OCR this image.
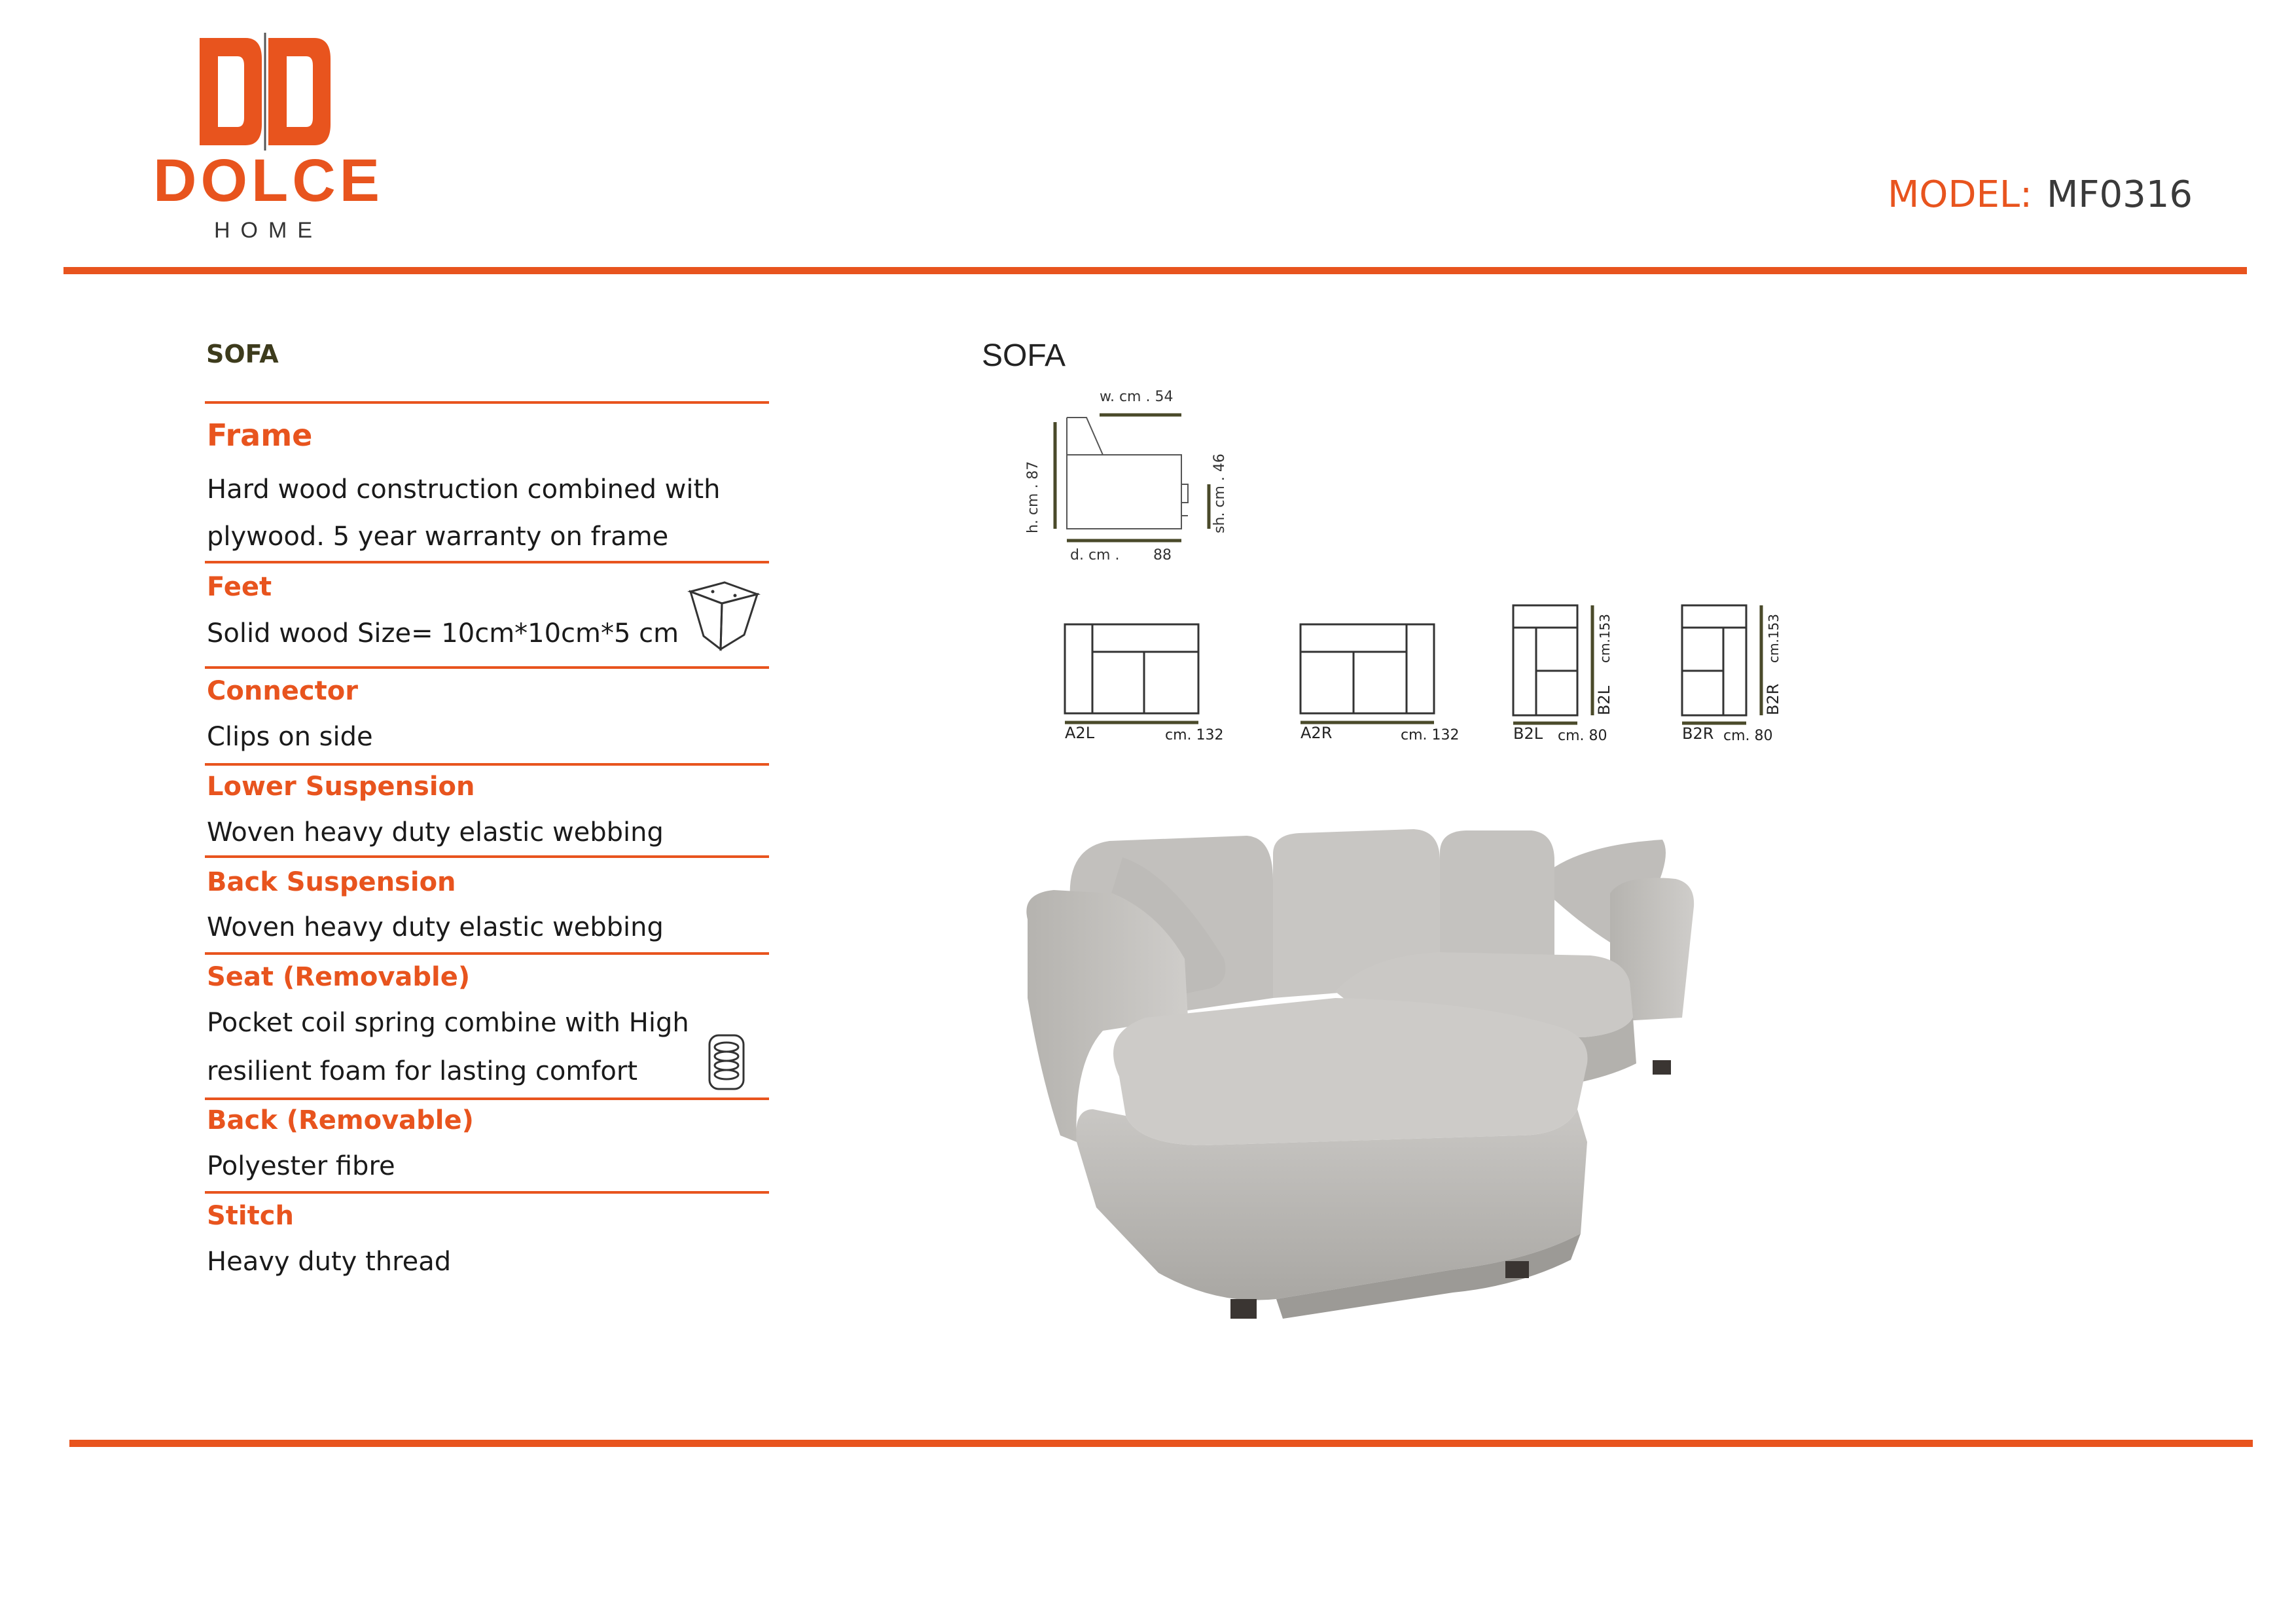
DOLCE
HOME
MODEL: MF0316
SOFA
Frame
Hard wood construction combined with
plywood. 5 year warranty on frame
Feet
Solid wood Size= 10cm*10cm*5 cm
Connector
Clips on side
Lower Suspension
Woven heavy duty elastic webbing
Back Suspension
Woven heavy duty elastic webbing
Seat (Removable)
Pocket coil spring combine with High
resilient foam for lasting comfort
Back (Removable)
Polyester fibre
Stitch
Heavy duty thread
SOFA
w. cm . 54
h. cm . 87	sh. cm . 46
d. cm . 88
A2L	cm. 132	A2R	cm. 132
B2L
cm.153
B2L cm. 80
B2R
cm.153
B2R cm. 80
